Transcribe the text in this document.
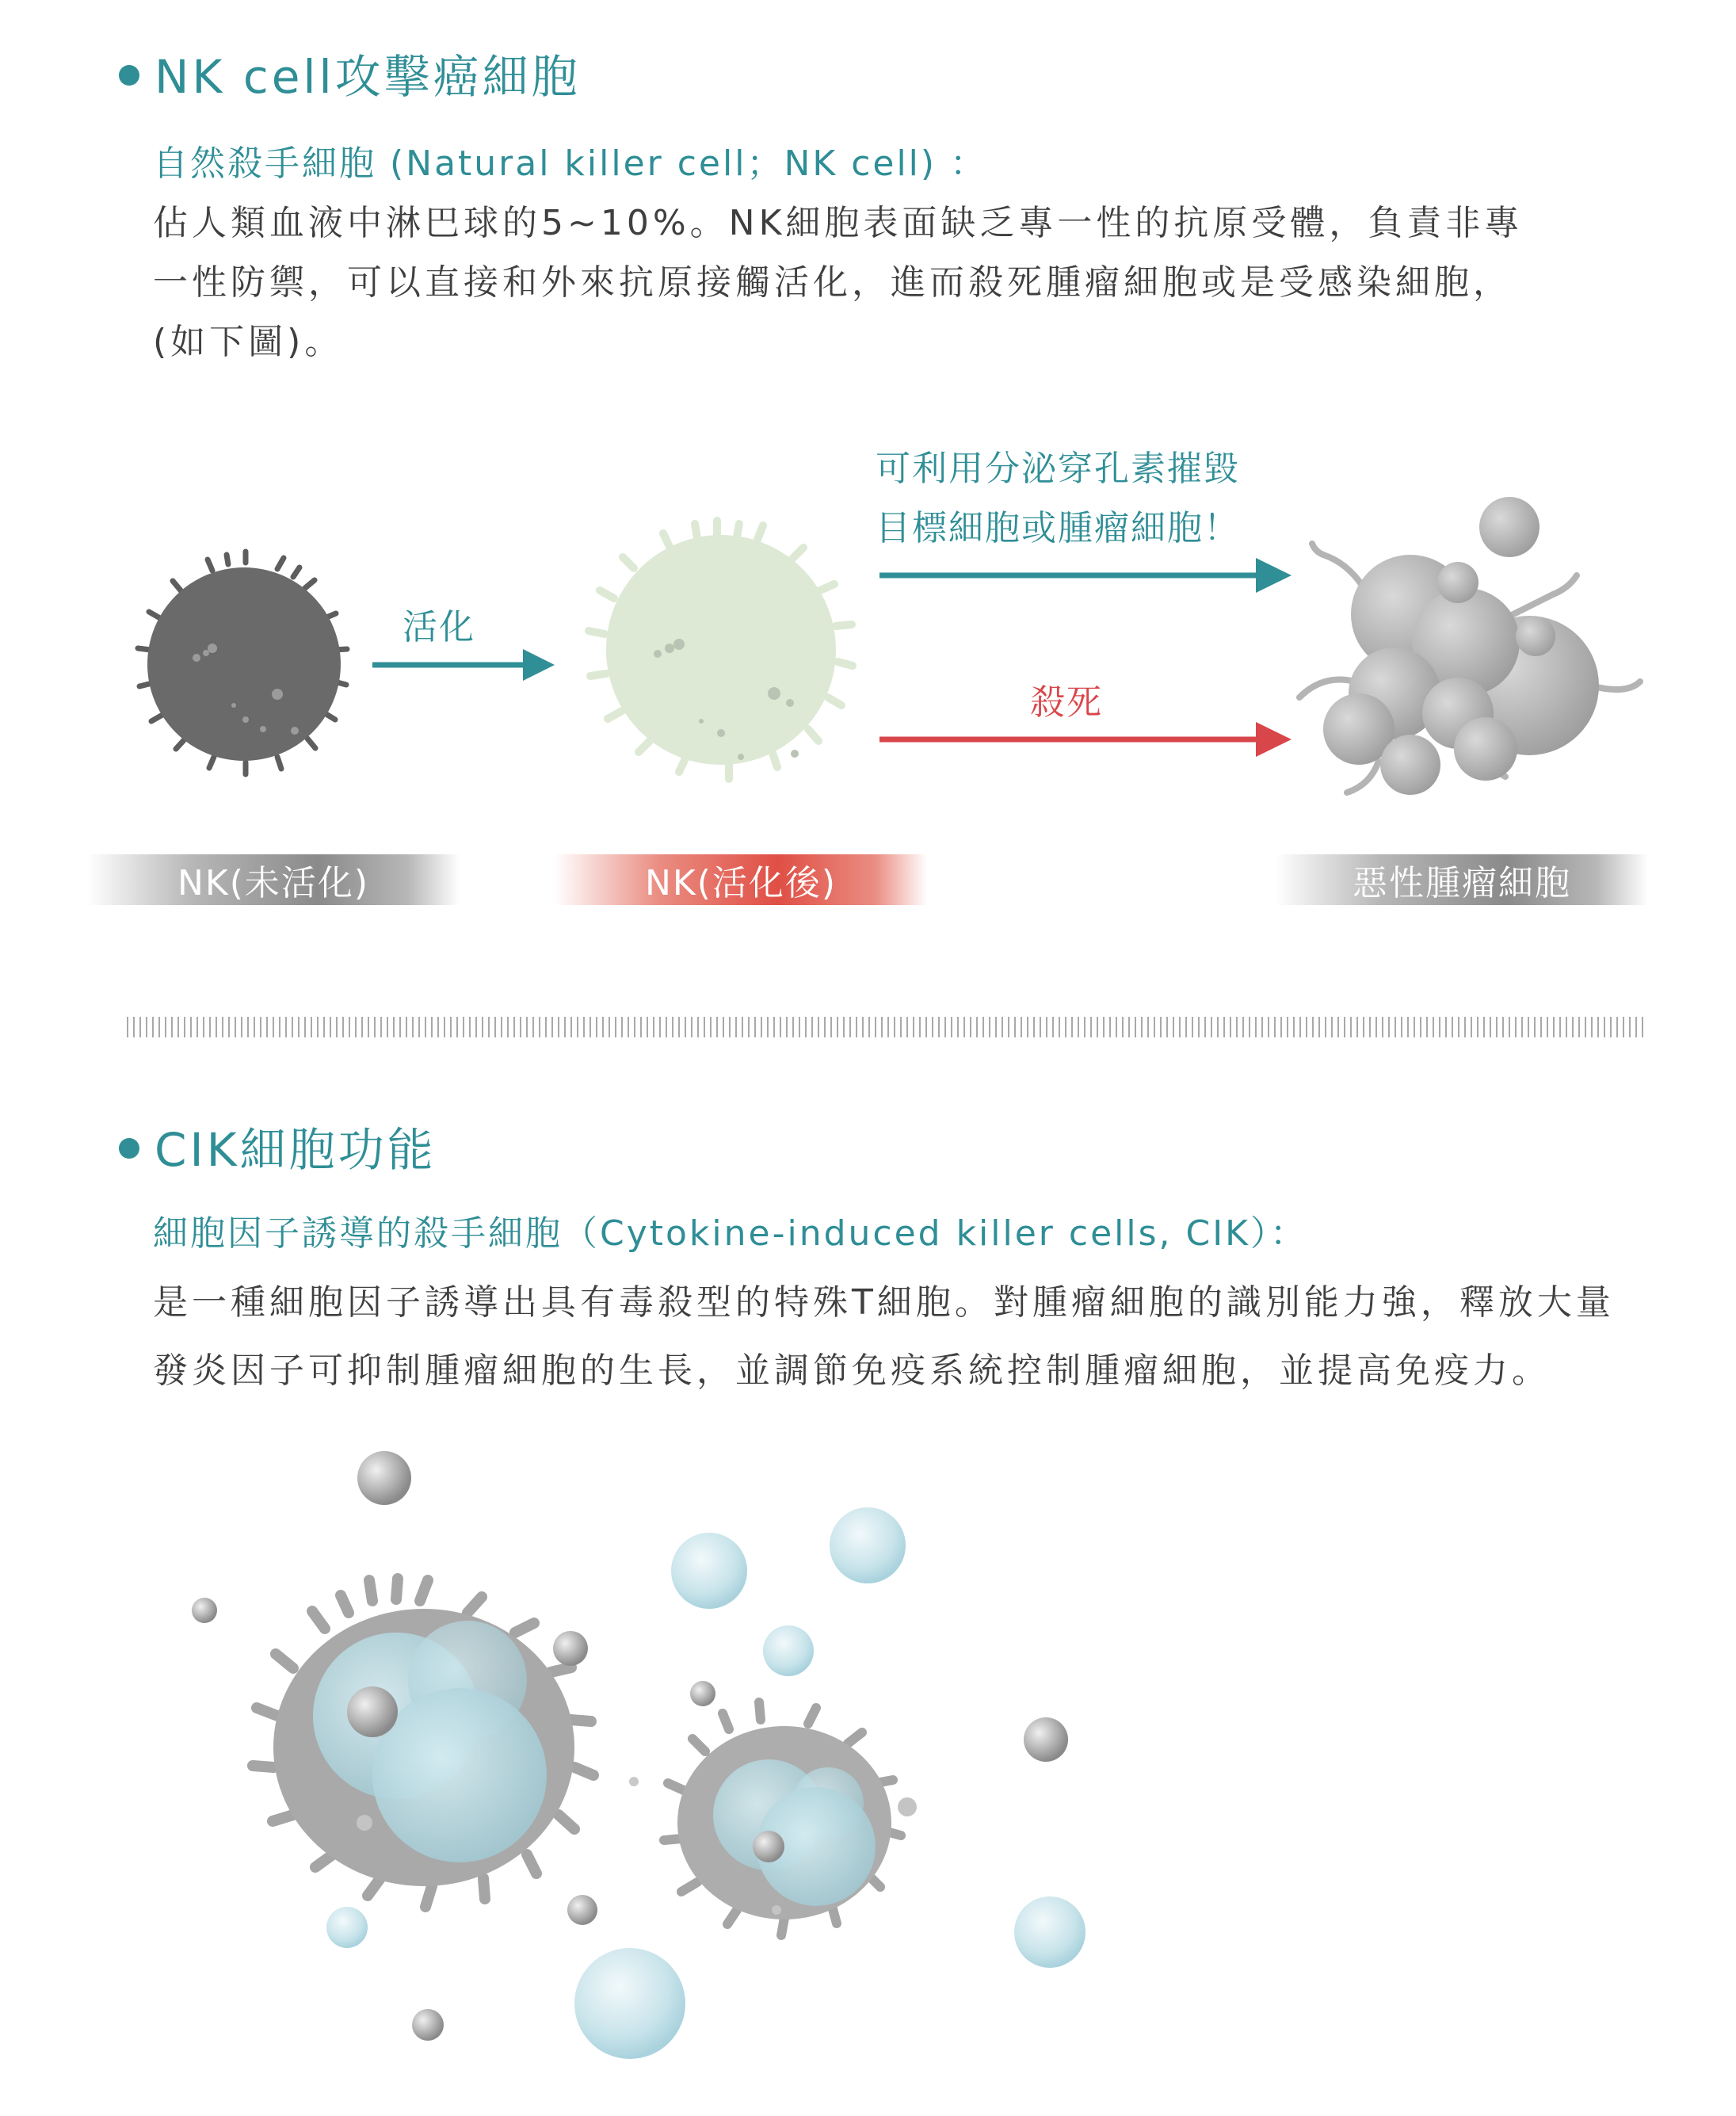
NK cell攻擊癌細胞
自然殺手細胞 (Natural killer cell；NK cell) ：
佔人類血液中淋巴球的5~10%。NK細胞表面缺乏專一性的抗原受體，負責非專
一性防禦，可以直接和外來抗原接觸活化，進而殺死腫瘤細胞或是受感染細胞，
(如下圖)。
活化
可利用分泌穿孔素摧毀
目標細胞或腫瘤細胞！
殺死
NK(未活化)	NK(活化後)	惡性腫瘤細胞
CIK細胞功能
細胞因子誘導的殺手細胞（Cytokine-induced killer cells, CIK）：
是一種細胞因子誘導出具有毒殺型的特殊T細胞。對腫瘤細胞的識別能力強，釋放大量
發炎因子可抑制腫瘤細胞的生長，並調節免疫系統控制腫瘤細胞，並提高免疫力。
